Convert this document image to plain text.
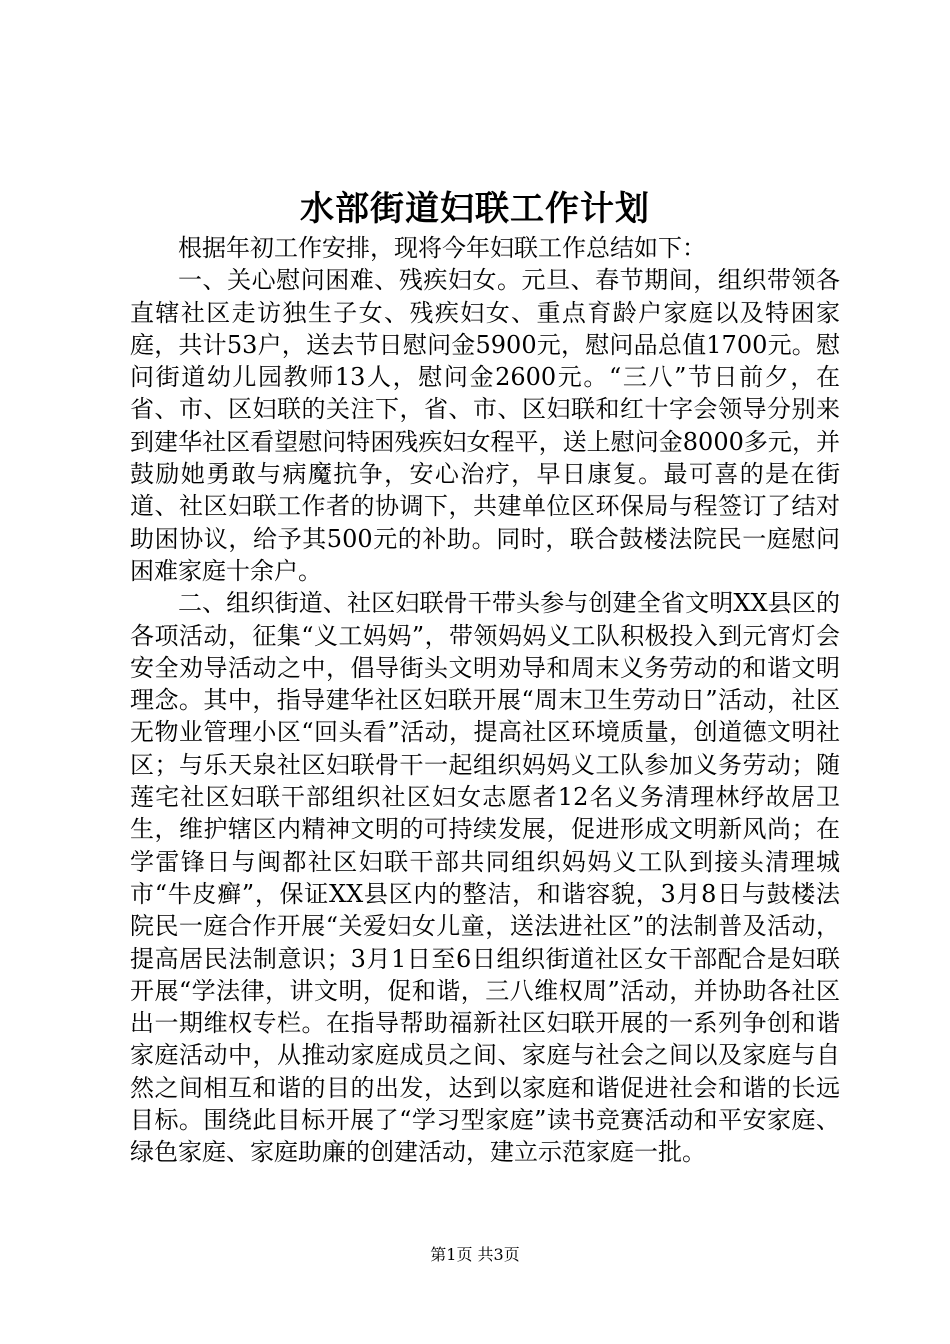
水部街道妇联工作计划

根据年初工作安排，现将今年妇联工作总结如下：

一、关心慰问困难、残疾妇女。元旦、春节期间，组织带领各直辖社区走访独生子女、残疾妇女、重点育龄户家庭以及特困家庭，共计53户，送去节日慰问金5900元，慰问品总值1700元。慰问街道幼儿园教师13人，慰问金2600元。“三八”节日前夕，在省、市、区妇联的关注下，省、市、区妇联和红十字会领导分别来到建华社区看望慰问特困残疾妇女程平，送上慰问金8000多元，并鼓励她勇敢与病魔抗争，安心治疗，早日康复。最可喜的是在街道、社区妇联工作者的协调下，共建单位区环保局与程签订了结对助困协议，给予其500元的补助。同时，联合鼓楼法院民一庭慰问困难家庭十余户。

二、组织街道、社区妇联骨干带头参与创建全省文明XX县区的各项活动，征集“义工妈妈”，带领妈妈义工队积极投入到元宵灯会安全劝导活动之中，倡导街头文明劝导和周末义务劳动的和谐文明理念。其中，指导建华社区妇联开展“周末卫生劳动日”活动，社区无物业管理小区“回头看”活动，提高社区环境质量，创道德文明社区；与乐天泉社区妇联骨干一起组织妈妈义工队参加义务劳动；随莲宅社区妇联干部组织社区妇女志愿者12名义务清理林纾故居卫生，维护辖区内精神文明的可持续发展，促进形成文明新风尚；在学雷锋日与闽都社区妇联干部共同组织妈妈义工队到接头清理城市“牛皮癣”，保证XX县区内的整洁，和谐容貌，3月8日与鼓楼法院民一庭合作开展“关爱妇女儿童，送法进社区”的法制普及活动，提高居民法制意识；3月1日至6日组织街道社区女干部配合是妇联开展“学法律，讲文明，促和谐，三八维权周”活动，并协助各社区出一期维权专栏。在指导帮助福新社区妇联开展的一系列争创和谐家庭活动中，从推动家庭成员之间、家庭与社会之间以及家庭与自然之间相互和谐的目的出发，达到以家庭和谐促进社会和谐的长远目标。围绕此目标开展了“学习型家庭”读书竞赛活动和平安家庭、绿色家庭、家庭助廉的创建活动，建立示范家庭一批。

第1页 共3页
